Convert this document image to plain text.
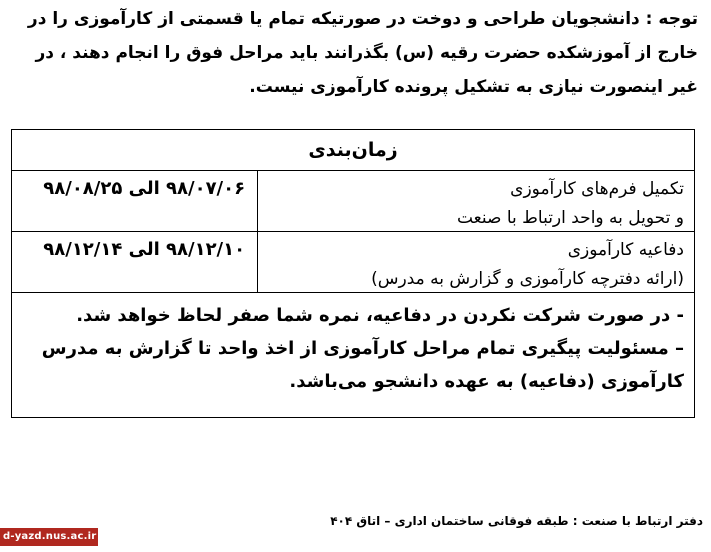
توجه : دانشجویان طراحی و دوخت در صورتیکه تمام یا قسمتی از کارآموزی را در

خارج از آموزشکده حضرت رقیه (س) بگذرانند باید مراحل فوق را انجام دهند ، در

غیر اینصورت نیازی به تشکیل پرونده کارآموزی نیست.

زمان‌بندی	

تکمیل فرم‌های کارآموزی
و تحویل به واحد ارتباط با صنعت	۹۸/۰۷/۰۶ الی ۹۸/۰۸/۲۵

دفاعیه کارآموزی
(ارائه دفترچه کارآموزی و گزارش به مدرس)	۹۸/۱۲/۱۰ الی ۹۸/۱۲/۱۴

- در صورت شرکت نکردن در دفاعیه، نمره شما صفر لحاظ خواهد شد.
– مسئولیت پیگیری تمام مراحل کارآموزی از اخذ واحد تا گزارش به مدرس
کارآموزی (دفاعیه) به عهده دانشجو می‌باشد.	
دفتر ارتباط با صنعت : طبقه فوقانی ساختمان اداری – اتاق ۴۰۴
d-yazd.nus.ac.ir
